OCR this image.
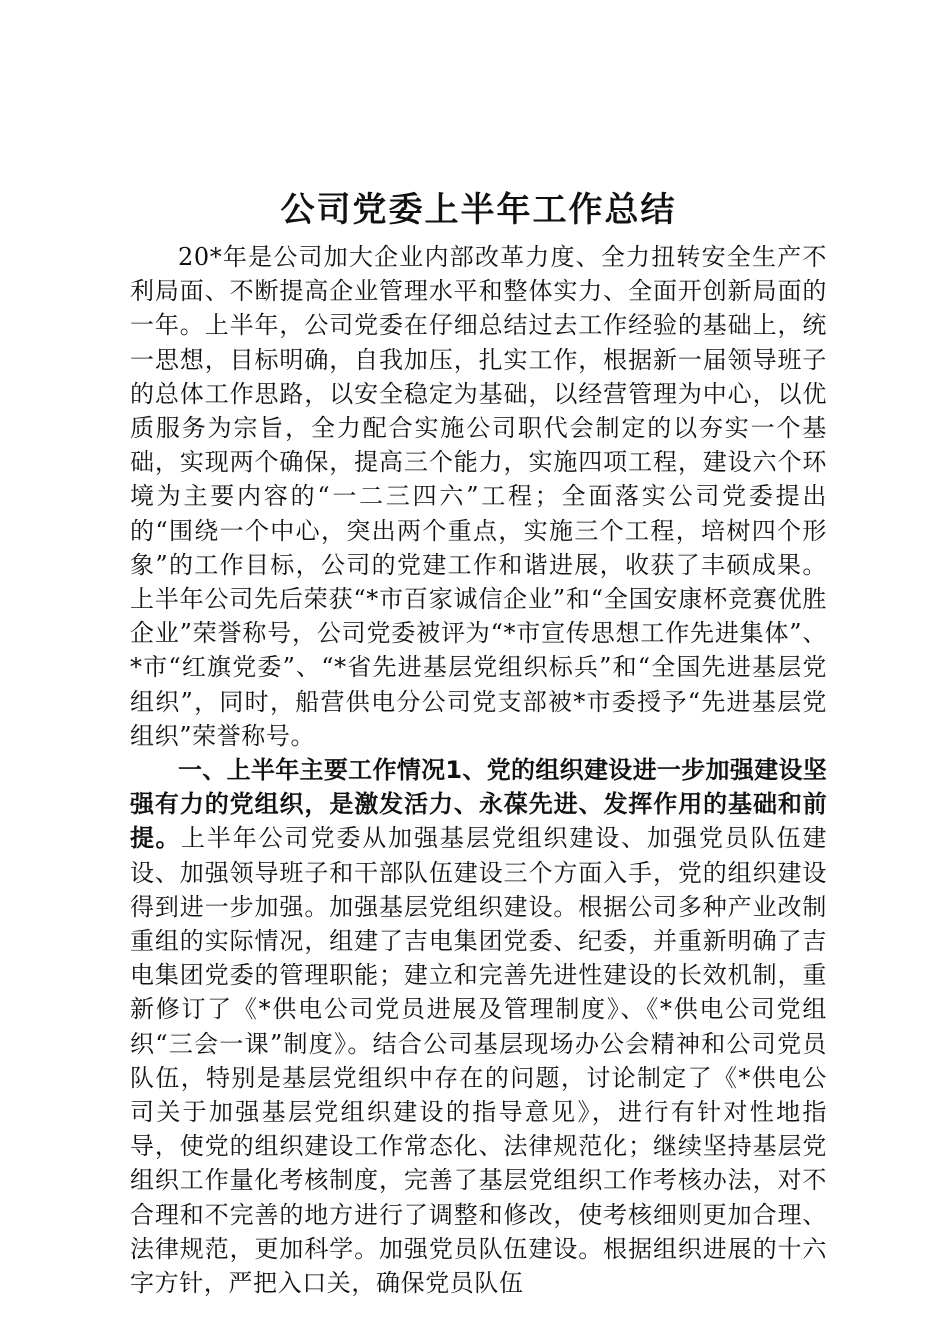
公司党委上半年工作总结

20*年是公司加大企业内部改革力度、全力扭转安全生产不利局面、不断提高企业管理水平和整体实力、全面开创新局面的一年。上半年，公司党委在仔细总结过去工作经验的基础上，统一思想，目标明确，自我加压，扎实工作，根据新一届领导班子的总体工作思路，以安全稳定为基础，以经营管理为中心，以优质服务为宗旨，全力配合实施公司职代会制定的以夯实一个基础，实现两个确保，提高三个能力，实施四项工程，建设六个环境为主要内容的“一二三四六”工程；全面落实公司党委提出的“围绕一个中心，突出两个重点，实施三个工程，培树四个形象”的工作目标，公司的党建工作和谐进展，收获了丰硕成果。上半年公司先后荣获“*市百家诚信企业”和“全国安康杯竞赛优胜企业”荣誉称号，公司党委被评为“*市宣传思想工作先进集体”、*市“红旗党委”、“*省先进基层党组织标兵”和“全国先进基层党组织”，同时，船营供电分公司党支部被*市委授予“先进基层党组织”荣誉称号。

一、上半年主要工作情况1、党的组织建设进一步加强建设坚强有力的党组织，是激发活力、永葆先进、发挥作用的基础和前提。上半年公司党委从加强基层党组织建设、加强党员队伍建设、加强领导班子和干部队伍建设三个方面入手，党的组织建设得到进一步加强。加强基层党组织建设。根据公司多种产业改制重组的实际情况，组建了吉电集团党委、纪委，并重新明确了吉电集团党委的管理职能；建立和完善先进性建设的长效机制，重新修订了《*供电公司党员进展及管理制度》、《*供电公司党组织“三会一课”制度》。结合公司基层现场办公会精神和公司党员队伍，特别是基层党组织中存在的问题，讨论制定了《*供电公司关于加强基层党组织建设的指导意见》，进行有针对性地指导，使党的组织建设工作常态化、法律规范化；继续坚持基层党组织工作量化考核制度，完善了基层党组织工作考核办法，对不合理和不完善的地方进行了调整和修改，使考核细则更加合理、法律规范，更加科学。加强党员队伍建设。根据组织进展的十六字方针，严把入口关，确保党员队伍
